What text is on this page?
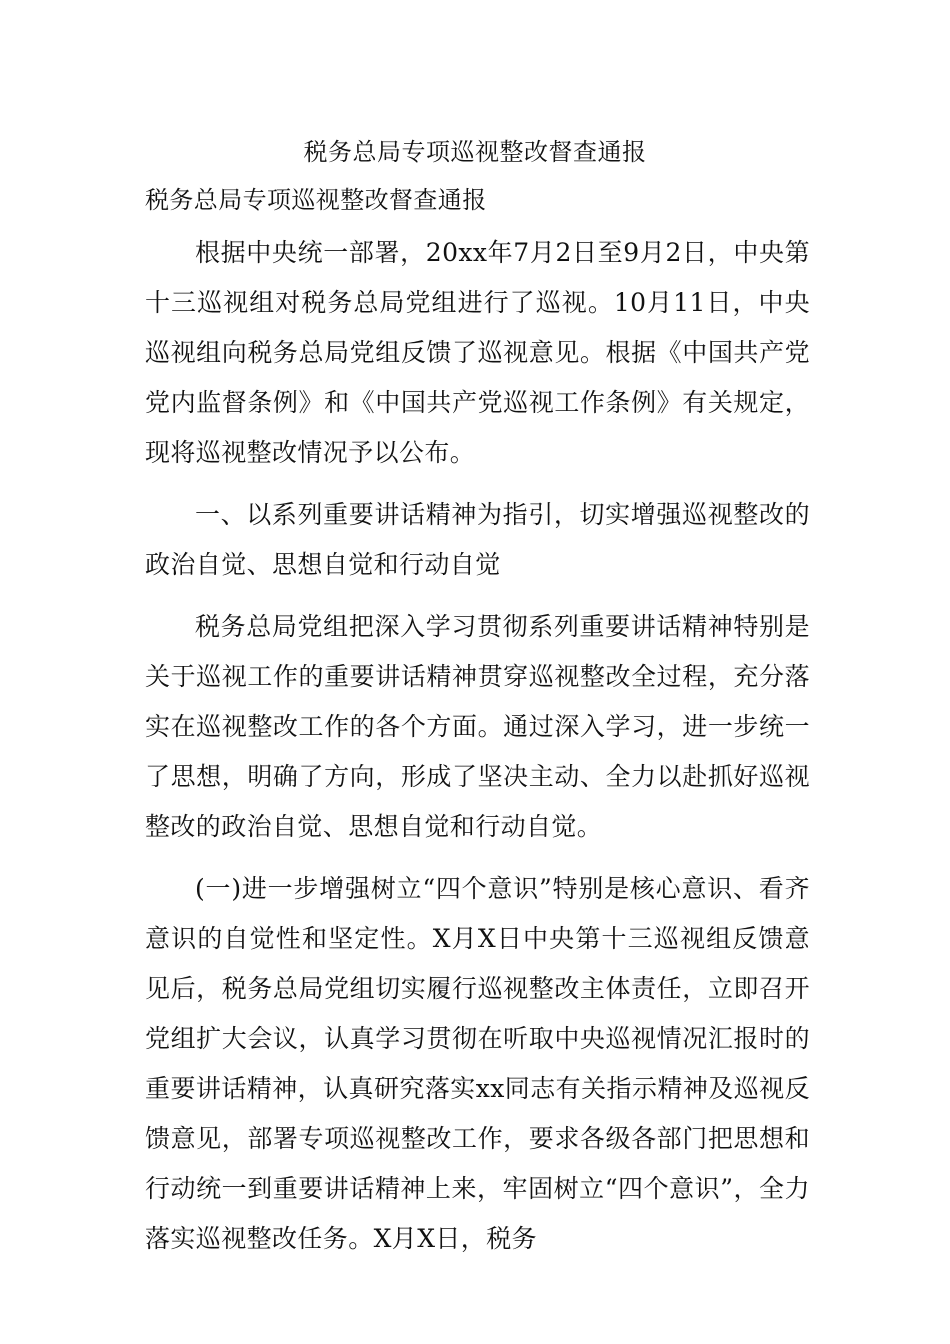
税务总局专项巡视整改督查通报

税务总局专项巡视整改督查通报

根据中央统一部署，20xx年7月2日至9月2日，中央第十三巡视组对税务总局党组进行了巡视。10月11日，中央巡视组向税务总局党组反馈了巡视意见。根据《中国共产党党内监督条例》和《中国共产党巡视工作条例》有关规定，现将巡视整改情况予以公布。

一、以系列重要讲话精神为指引，切实增强巡视整改的政治自觉、思想自觉和行动自觉

税务总局党组把深入学习贯彻系列重要讲话精神特别是关于巡视工作的重要讲话精神贯穿巡视整改全过程，充分落实在巡视整改工作的各个方面。通过深入学习，进一步统一了思想，明确了方向，形成了坚决主动、全力以赴抓好巡视整改的政治自觉、思想自觉和行动自觉。

(一)进一步增强树立“四个意识”特别是核心意识、看齐意识的自觉性和坚定性。X月X日中央第十三巡视组反馈意见后，税务总局党组切实履行巡视整改主体责任，立即召开党组扩大会议，认真学习贯彻在听取中央巡视情况汇报时的重要讲话精神，认真研究落实xx同志有关指示精神及巡视反馈意见，部署专项巡视整改工作，要求各级各部门把思想和行动统一到重要讲话精神上来，牢固树立“四个意识”，全力落实巡视整改任务。X月X日，税务
